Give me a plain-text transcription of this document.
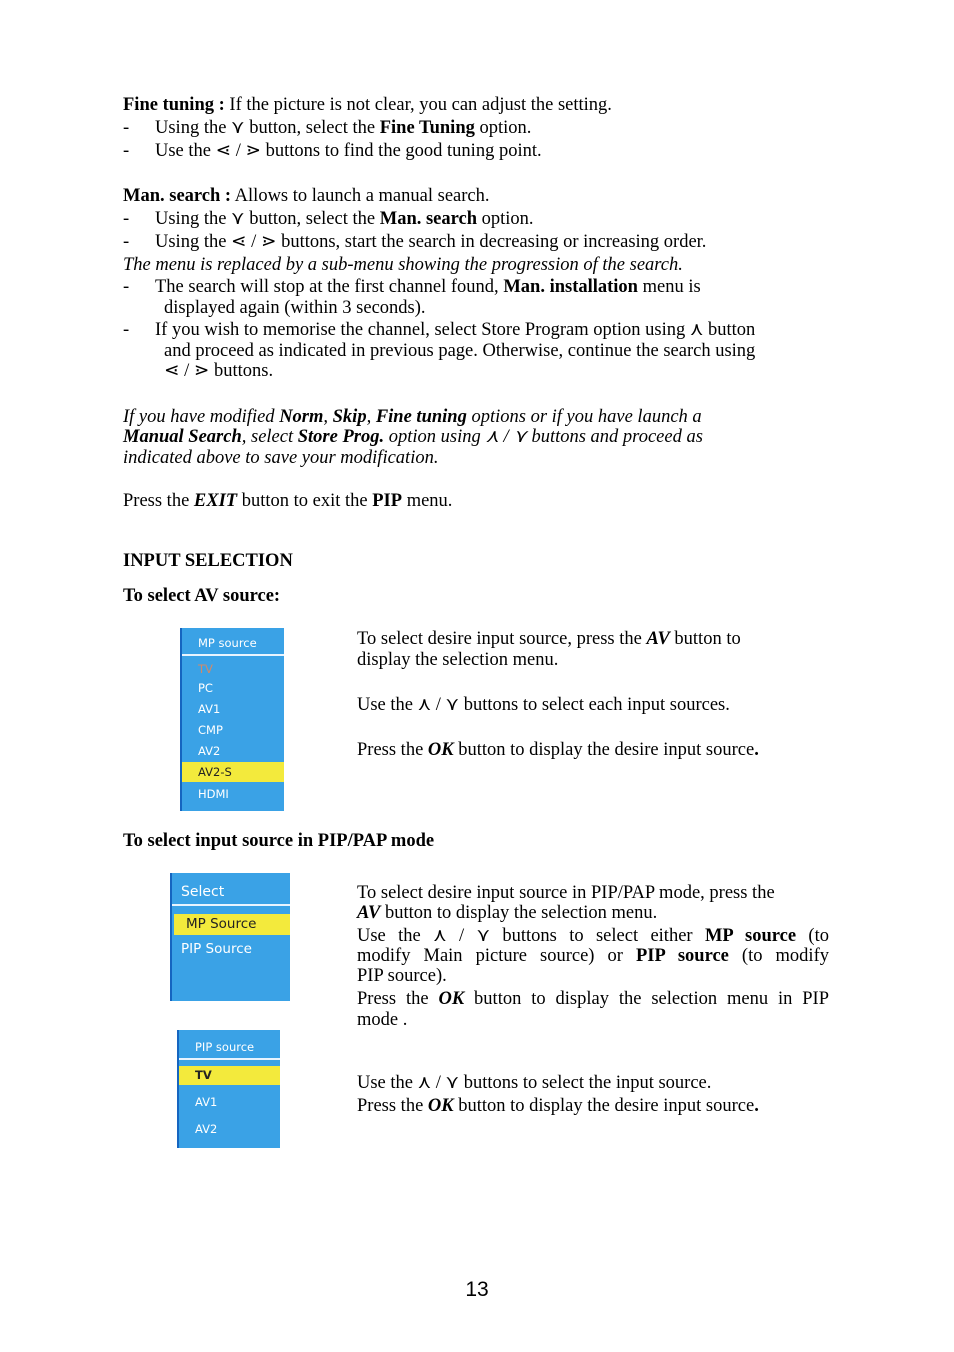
Fine tuning : If the picture is not clear, you can adjust the setting.
- Using the ⋎ button, select the Fine Tuning option.
- Use the ⋖ / ⋗ buttons to find the good tuning point.
Man. search : Allows to launch a manual search.
- Using the ⋎ button, select the Man. search option.
- Using the ⋖ / ⋗ buttons, start the search in decreasing or increasing order.
The menu is replaced by a sub-menu showing the progression of the search.
- The search will stop at the first channel found, Man. installation menu is
displayed again (within 3 seconds).
- If you wish to memorise the channel, select Store Program option using ⋏ button
and proceed as indicated in previous page. Otherwise, continue the search using
⋖ / ⋗ buttons.
If you have modified Norm, Skip, Fine tuning options or if you have launch a
Manual Search, select Store Prog. option using ⋏ / ⋎ buttons and proceed as
indicated above to save your modification.
Press the EXIT button to exit the PIP menu.
INPUT SELECTION
To select AV source:
MP source
TV
PC
AV1
CMP
AV2
AV2-S
HDMI
To select desire input source, press the AV button to
display the selection menu.
Use the ⋏ / ⋎ buttons to select each input sources.
Press the OK button to display the desire input source.
To select input source in PIP/PAP mode
Select
MP Source
PIP Source
PIP source
TV
AV1
AV2
To select desire input source in PIP/PAP mode, press the
AV button to display the selection menu.
Use the ⋏ / ⋎ buttons to select either MP source (to
modify Main picture source) or PIP source (to modify
PIP source).
Press the OK button to display the selection menu in PIP
mode .
Use the ⋏ / ⋎ buttons to select the input source.
Press the OK button to display the desire input source.
13
